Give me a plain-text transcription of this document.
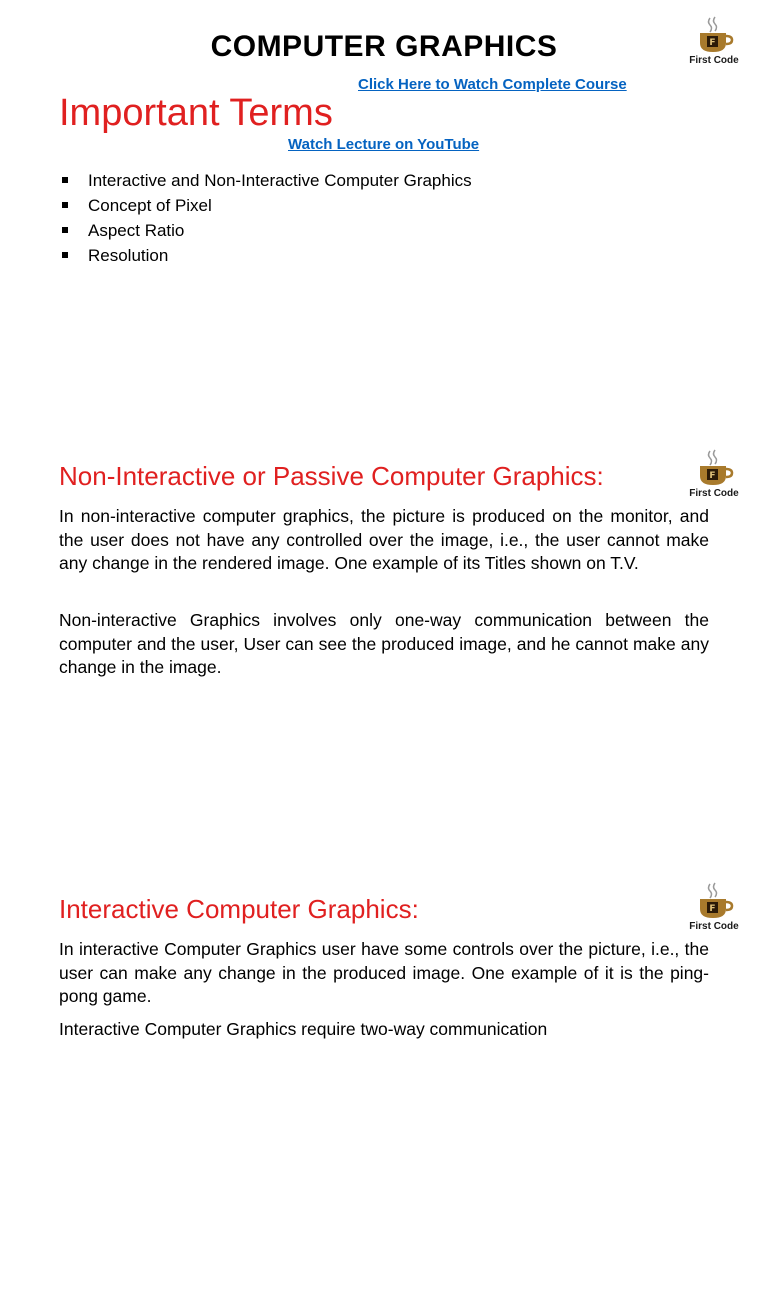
F
First Code
COMPUTER GRAPHICS
Click Here to Watch Complete Course
Important Terms
Watch Lecture on YouTube
Interactive and Non-Interactive Computer Graphics
Concept of Pixel
Aspect Ratio
Resolution
F
First Code
Non-Interactive or Passive Computer Graphics:

In non-interactive computer graphics, the picture is produced on the monitor, and the user does not have any controlled over the image, i.e., the user cannot make any change in the rendered image. One example of its Titles shown on T.V.

Non-interactive Graphics involves only one-way communication between the computer and the user, User can see the produced image, and he cannot make any change in the image.

F
First Code
Interactive Computer Graphics:

In interactive Computer Graphics user have some controls over the picture, i.e., the user can make any change in the produced image. One example of it is the ping-pong game.

Interactive Computer Graphics require two-way communication
